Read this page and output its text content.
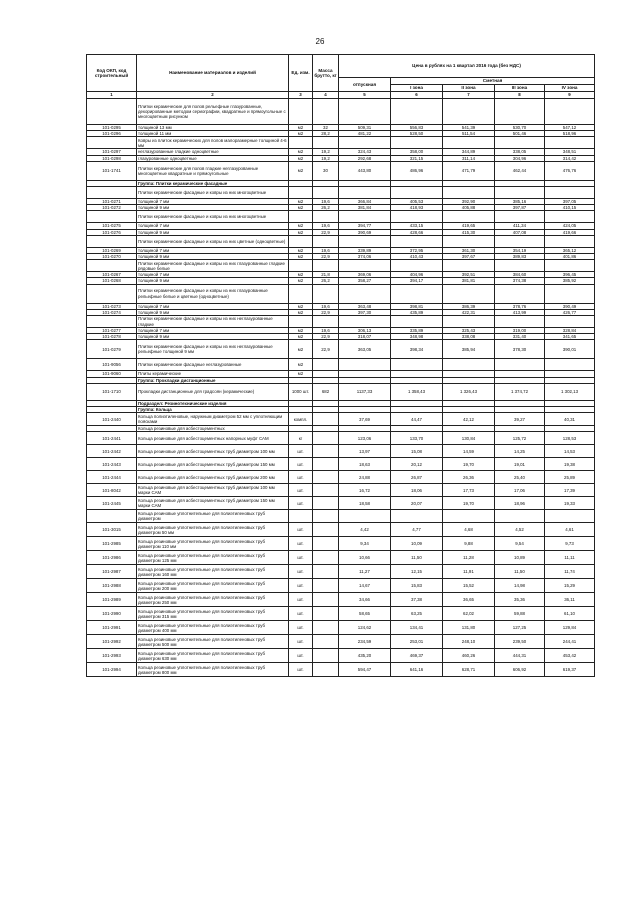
26
Код ОКП, код строительный	Наименование материалов и изделий	Ед. изм.	Масса брутто, кг	Цена в рублях на 1 квартал 2016 года (без НДС)				
				отпускная	Сметная			
					I зона	II зона	III зона	IV зона
1	2	3	4	5	6	7	8	9
	Плитки керамические для полов рельефные глазурованные, декорированные методом сериографии, квадратные и прямоугольные с многоцветным рисунком							
101-0295	толщиной 13 мм	м2	32	509,31	556,83	541,39	530,70	547,12
101-0296	толщиной 11 мм	м2	28,2	481,22	528,50	511,54	501,46	518,96
	Ковры из плиток керамических для полов малоразмерные толщиной 4-6 мм							
101-0297	неглазурованные гладкие одноцветные	м2	19,2	324,43	358,00	344,89	338,05	348,51
101-0298	глазурованные одноцветные	м2	19,2	292,68	321,15	311,14	304,96	314,42
101-1741	Плитки керамические для полов гладкие неглазурованные многоцветные квадратные и прямоугольные	м2	30	443,80	486,96	471,79	462,44	476,76
	Группа: Плитки керамические фасадные							
	Плитки керамические фасадные и ковры из них многоцветные							
101-0271	толщиной 7 мм	м2	19,6	366,84	405,53	392,90	385,16	397,05
101-0272	толщиной 9 мм	м2	26,2	381,84	418,93	405,88	397,87	410,15
	Плитки керамические фасадные и ковры из них многоцветные							
101-0275	толщиной 7 мм	м2	19,6	394,77	433,15	419,65	411,34	424,05
101-0276	толщиной 9 мм	м2	22,9	390,69	428,66	415,30	407,08	419,66
	Плитки керамические фасадные и ковры из них цветные (одноцветные)							
101-0269	толщиной 7 мм	м2	19,6	339,89	372,95	361,30	354,19	365,12
101-0270	толщиной 9 мм	м2	22,9	374,06	410,43	397,67	389,83	401,86
	Плитки керамические фасадные и ковры из них глазурованные гладкие рядовые белые							
101-0267	толщиной 7 мм	м2	21,8	369,06	404,96	392,51	384,60	396,45
101-0268	толщиной 9 мм	м2	26,2	358,27	394,17	381,81	374,38	385,92
	Плитки керамические фасадные и ковры из них глазурованные рельефные белые и цветные (одноцветные)							
101-0273	толщиной 7 мм	м2	19,6	363,48	398,81	386,39	378,76	390,49
101-0274	толщиной 9 мм	м2	22,9	397,30	435,89	422,31	413,99	426,77
	Плитки керамические фасадные и ковры из них неглазурованные гладкие							
101-0277	толщиной 7 мм	м2	19,6	306,13	335,89	325,43	319,00	328,84
101-0278	толщиной 9 мм	м2	22,9	318,07	348,98	338,08	331,40	341,65
101-0279	Плитки керамические фасадные и ковры из них неглазурованные рельефные толщиной 9 мм	м2	22,9	363,05	398,34	385,94	378,30	390,01
101-9056	Плитки керамические фасадные неглазурованные	м2						
101-9060	Плиты керамические	м2						
	Группа: Прокладки дистанционные							
101-1710	Прокладки дистанционные для градсоян (керамические)	1000 шт.	682	1137,33	1 358,43	1 326,43	1 374,72	1 302,13
	Подраздел: Резинотехнические изделия							
	Группа: Кольца							
101-2440	Кольца полиэтиленовые, наружным диаметром 52 мм с уплотняющим поясками	компл.		37,69	44,47	42,12	39,27	40,31
	Кольца резиновые для асбестоцементных							
101-2441	Кольца резиновые для асбестоцементных напорных муфт САМ	кг		123,06	133,70	130,84	125,72	128,53
101-2442	Кольца резиновые для асбестоцементных труб диаметром 100 мм	шт.		13,97	15,08	14,59	14,25	14,53
101-2443	Кольца резиновые для асбестоцементных труб диаметром 150 мм	шт.		18,63	20,12	19,70	19,01	19,38
101-2444	Кольца резиновые для асбестоцементных труб диаметром 200 мм	шт.		24,88	26,87	26,36	25,40	25,89
101-8042	Кольца резиновые для асбестоцементных труб диаметром 100 мм марки САМ	шт.		16,72	18,06	17,73	17,06	17,39
101-2445	Кольца резиновые для асбестоцементных труб диаметром 150 мм марки САМ	шт.		18,58	20,07	19,70	18,96	19,33
	Кольца резиновые уплотнительные для полиэтиленовых труб диаметром							
101-3015	Кольца резиновые уплотнительные для полиэтиленовых труб диаметром 50 мм	шт.		4,42	4,77	4,68	4,52	4,61
101-2985	Кольца резиновые уплотнительные для полиэтиленовых труб диаметром 110 мм	шт.		9,34	10,09	9,88	9,54	9,73
101-2986	Кольца резиновые уплотнительные для полиэтиленовых труб диаметром 125 мм	шт.		10,66	11,50	11,28	10,89	11,11
101-2987	Кольца резиновые уплотнительные для полиэтиленовых труб диаметром 160 мм	шт.		11,27	12,15	11,91	11,50	11,74
101-2988	Кольца резиновые уплотнительные для полиэтиленовых труб диаметром 200 мм	шт.		14,67	15,83	15,52	14,98	15,29
101-2989	Кольца резиновые уплотнительные для полиэтиленовых труб диаметром 250 мм	шт.		34,66	37,38	36,65	35,36	36,11
101-2990	Кольца резиновые уплотнительные для полиэтиленовых труб диаметром 315 мм	шт.		58,65	63,25	62,02	59,88	61,10
101-2991	Кольца резиновые уплотнительные для полиэтиленовых труб диаметром 400 мм	шт.		124,62	134,41	131,80	127,25	129,84
101-2992	Кольца резиновые уплотнительные для полиэтиленовых труб диаметром 500 мм	шт.		234,59	253,01	248,10	239,50	244,41
101-2993	Кольца резиновые уплотнительные для полиэтиленовых труб диаметром 630 мм	шт.		435,20	469,37	460,26	444,31	453,42
101-2994	Кольца резиновые уплотнительные для полиэтиленовых труб диаметром 800 мм	шт.		594,47	641,16	628,71	606,92	619,37
